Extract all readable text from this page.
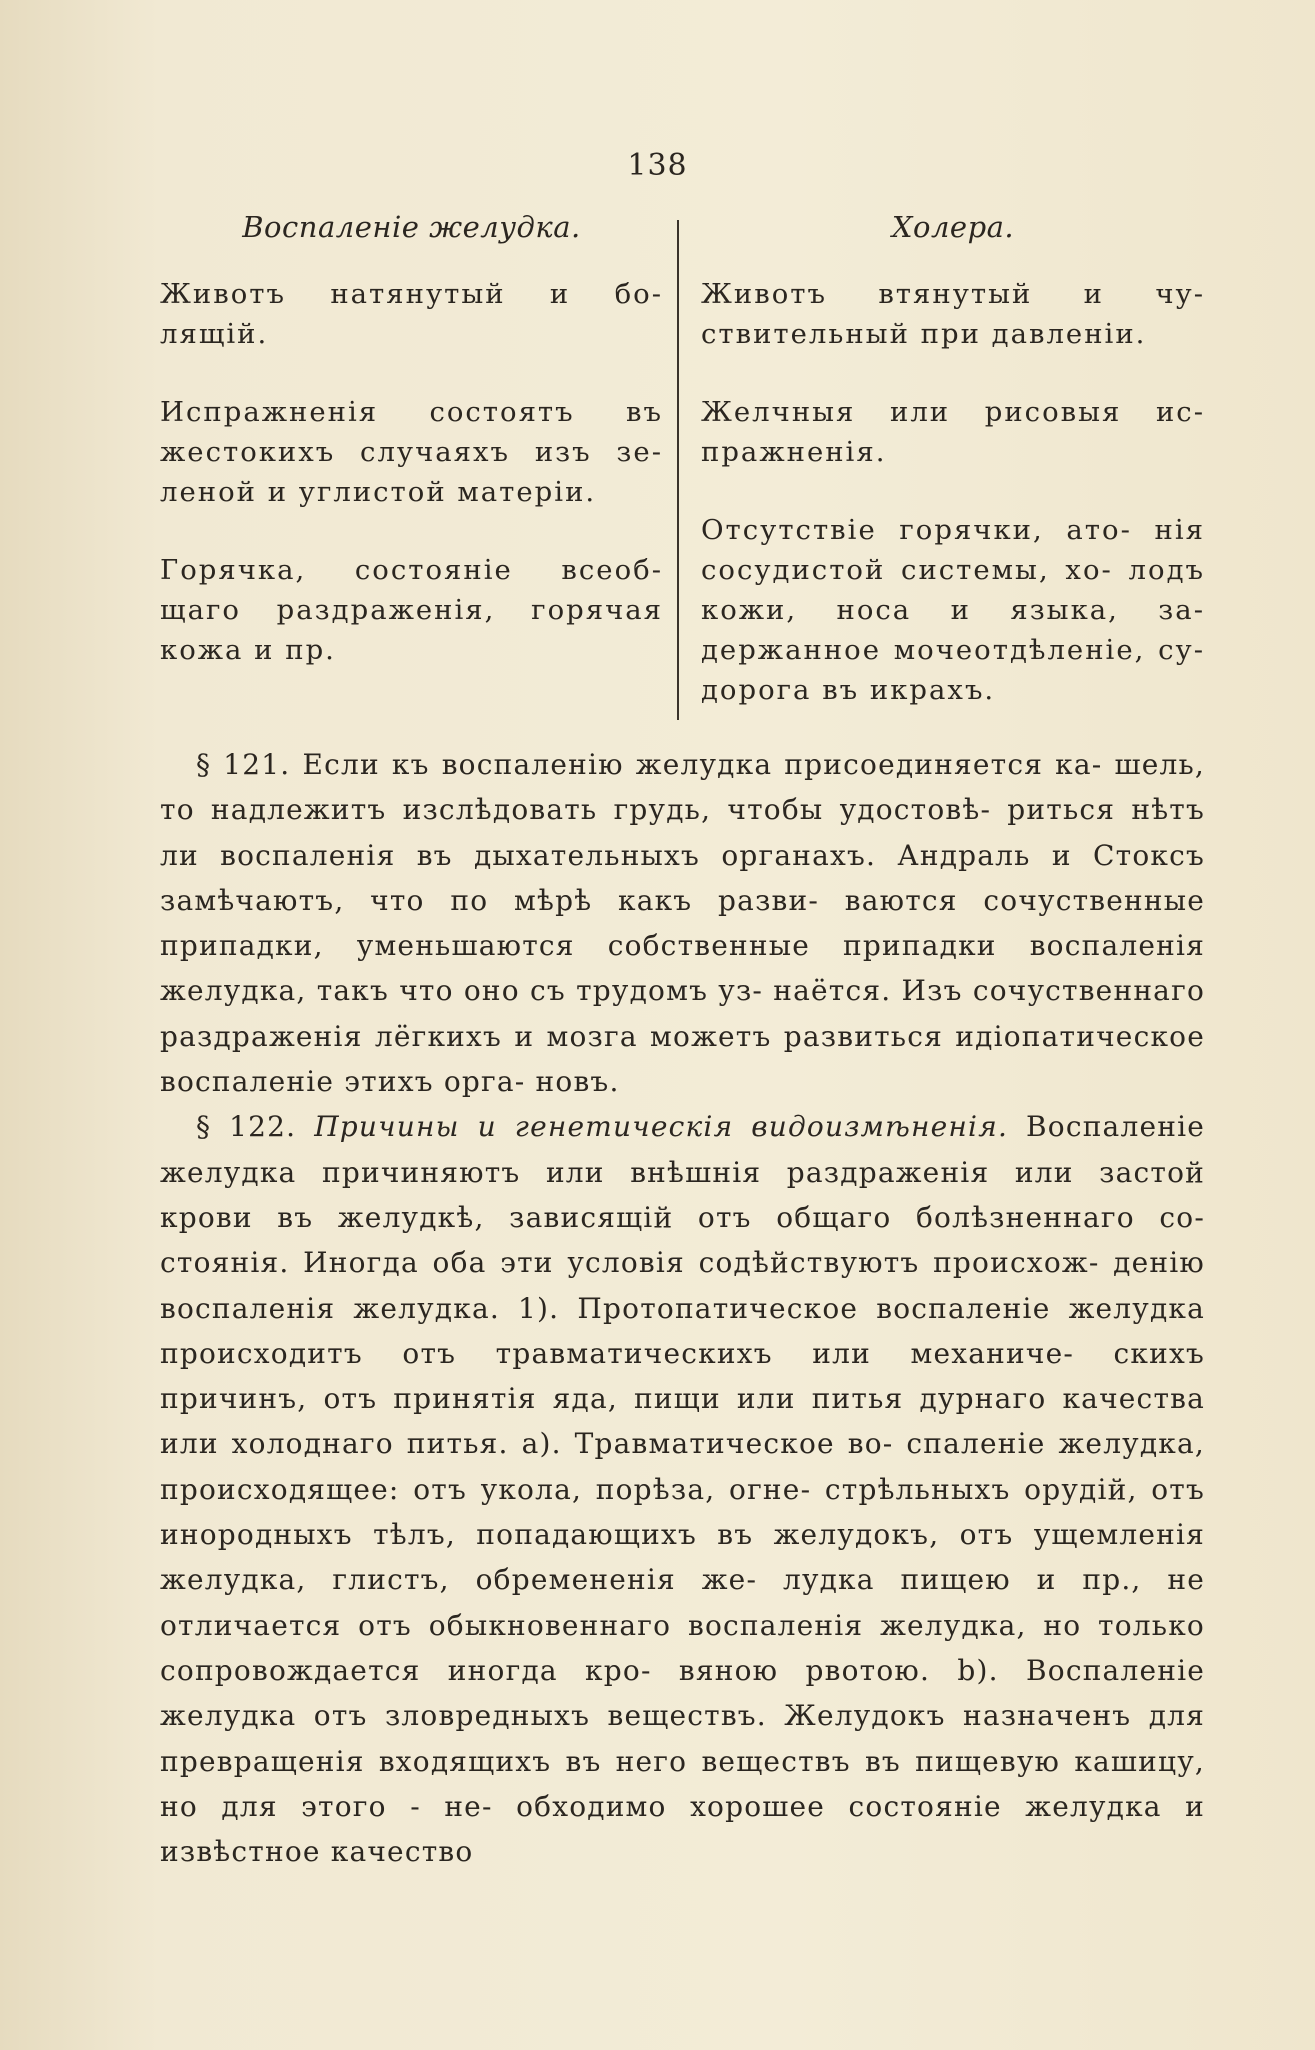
138
Воспаленіе желудка.

Животъ натянутый и бо- лящій.

Испражненія состоятъ въ жестокихъ случаяхъ изъ зе- леной и углистой матеріи.

Горячка, состояніе всеоб- щаго раздраженія, горячая кожа и пр.

Холера.

Животъ втянутый и чу- ствительный при давленіи.

Желчныя или рисовыя ис- пражненія.

Отсутствіе горячки, ато- нія сосудистой системы, хо- лодъ кожи, носа и языка, за- держанное мочеотдѣленіе, су- дорога въ икрахъ.

§ 121. Если къ воспаленію желудка присоединяется ка- шель, то надлежитъ изслѣдовать грудь, чтобы удостовѣ- риться нѣтъ ли воспаленія въ дыхательныхъ органахъ. Андраль и Стоксъ замѣчаютъ, что по мѣрѣ какъ разви- ваются сочуственные припадки, уменьшаются собственные припадки воспаленія желудка, такъ что оно съ трудомъ уз- наётся. Изъ сочуственнаго раздраженія лёгкихъ и мозга можетъ развиться идіопатическое воспаленіе этихъ орга- новъ.

§ 122. Причины и генетическія видоизмѣненія. Воспаленіе желудка причиняютъ или внѣшнія раздраженія или застой крови въ желудкѣ, зависящій отъ общаго болѣзненнаго со- стоянія. Иногда оба эти условія содѣйствуютъ происхож- денію воспаленія желудка. 1). Протопатическое воспаленіе желудка происходитъ отъ травматическихъ или механиче- скихъ причинъ, отъ принятія яда, пищи или питья дурнаго качества или холоднаго питья. а). Травматическое во- спаленіе желудка, происходящее: отъ укола, порѣза, огне- стрѣльныхъ орудій, отъ инородныхъ тѣлъ, попадающихъ въ желудокъ, отъ ущемленія желудка, глистъ, обремененія же- лудка пищею и пр., не отличается отъ обыкновеннаго воспаленія желудка, но только сопровождается иногда кро- вяною рвотою. b). Воспаленіе желудка отъ зловредныхъ веществъ. Желудокъ назначенъ для превращенія входящихъ въ него веществъ въ пищевую кашицу, но для этого - не- обходимо хорошее состояніе желудка и извѣстное качество
